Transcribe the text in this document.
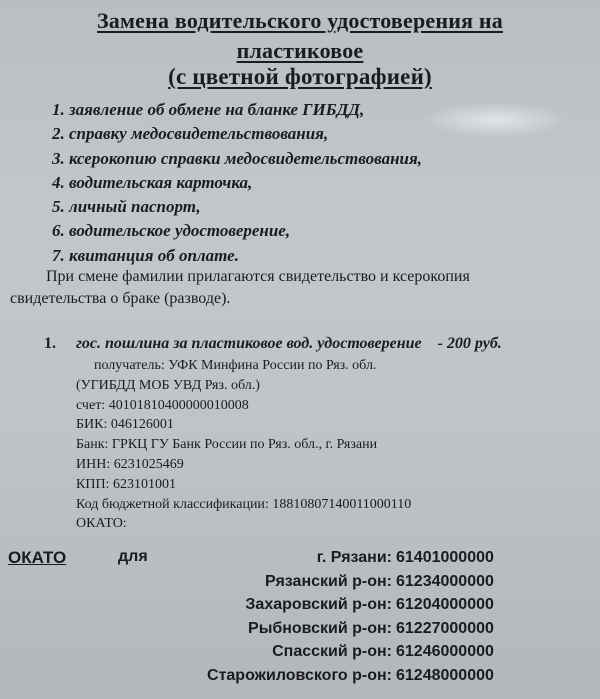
Замена водительского удостоверения на
пластиковое
(с цветной фотографией)
1. заявление об обмене на бланке ГИБДД,
2. справку медосвидетельствования,
3. ксерокопию справки медосвидетельствования,
4. водительская карточка,
5. личный паспорт,
6. водительское удостоверение,
7. квитанция об оплате.
При смене фамилии прилагаются свидетельство и ксерокопия
свидетельства о браке (разводе).
1. гос. пошлина за пластиковое вод. удостоверение - 200 руб.
получатель: УФК Минфина России по Ряз. обл.
(УГИБДД МОБ УВД Ряз. обл.)
счет: 40101810400000010008
БИК: 046126001
Банк: ГРКЦ ГУ Банк России по Ряз. обл., г. Рязани
ИНН: 6231025469
КПП: 623101001
Код бюджетной классификации: 18810807140011000110
ОКАТО:
ОКАТО	для	г. Рязани:
Рязанский р-он:
Захаровский р-он:
Рыбновский р-он:
Спасский р-он:
Старожиловского р-он:
61401000000
61234000000
61204000000
61227000000
61246000000
61248000000
